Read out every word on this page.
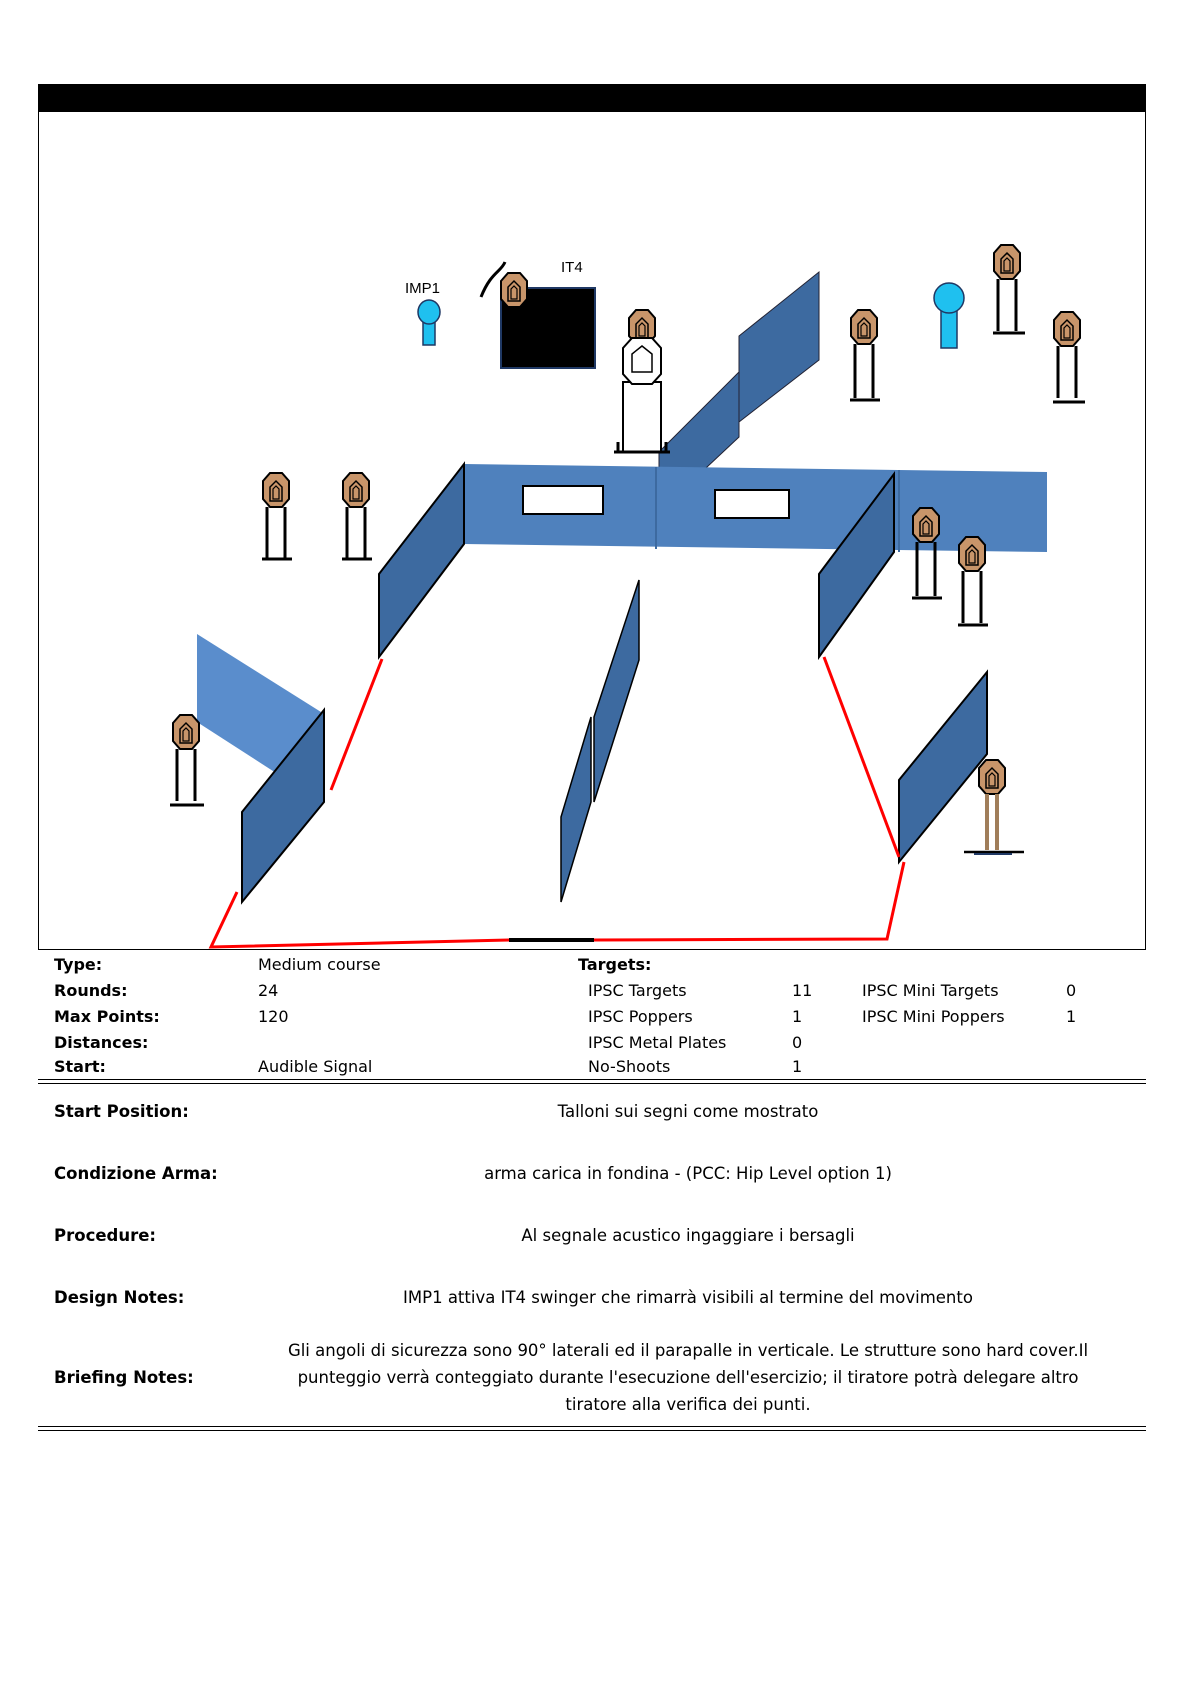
IMP1
IT4
Type:	Medium course
Rounds:	24
Max Points:	120
Distances:
Start:	Audible Signal
Targets:
IPSC Targets	11
IPSC Poppers	1
IPSC Metal Plates	0
No-Shoots	1
IPSC Mini Targets	0
IPSC Mini Poppers	1
Start Position:	Talloni sui segni come mostrato
Condizione Arma:	arma carica in fondina - (PCC: Hip Level option 1)
Procedure:	Al segnale acustico ingaggiare i bersagli
Design Notes:	IMP1 attiva IT4 swinger che rimarrà visibili al termine del movimento
Briefing Notes:
Gli angoli di sicurezza sono 90° laterali ed il parapalle in verticale. Le strutture sono hard cover.Il
punteggio verrà conteggiato durante l'esecuzione dell'esercizio; il tiratore potrà delegare altro
tiratore alla verifica dei punti.
